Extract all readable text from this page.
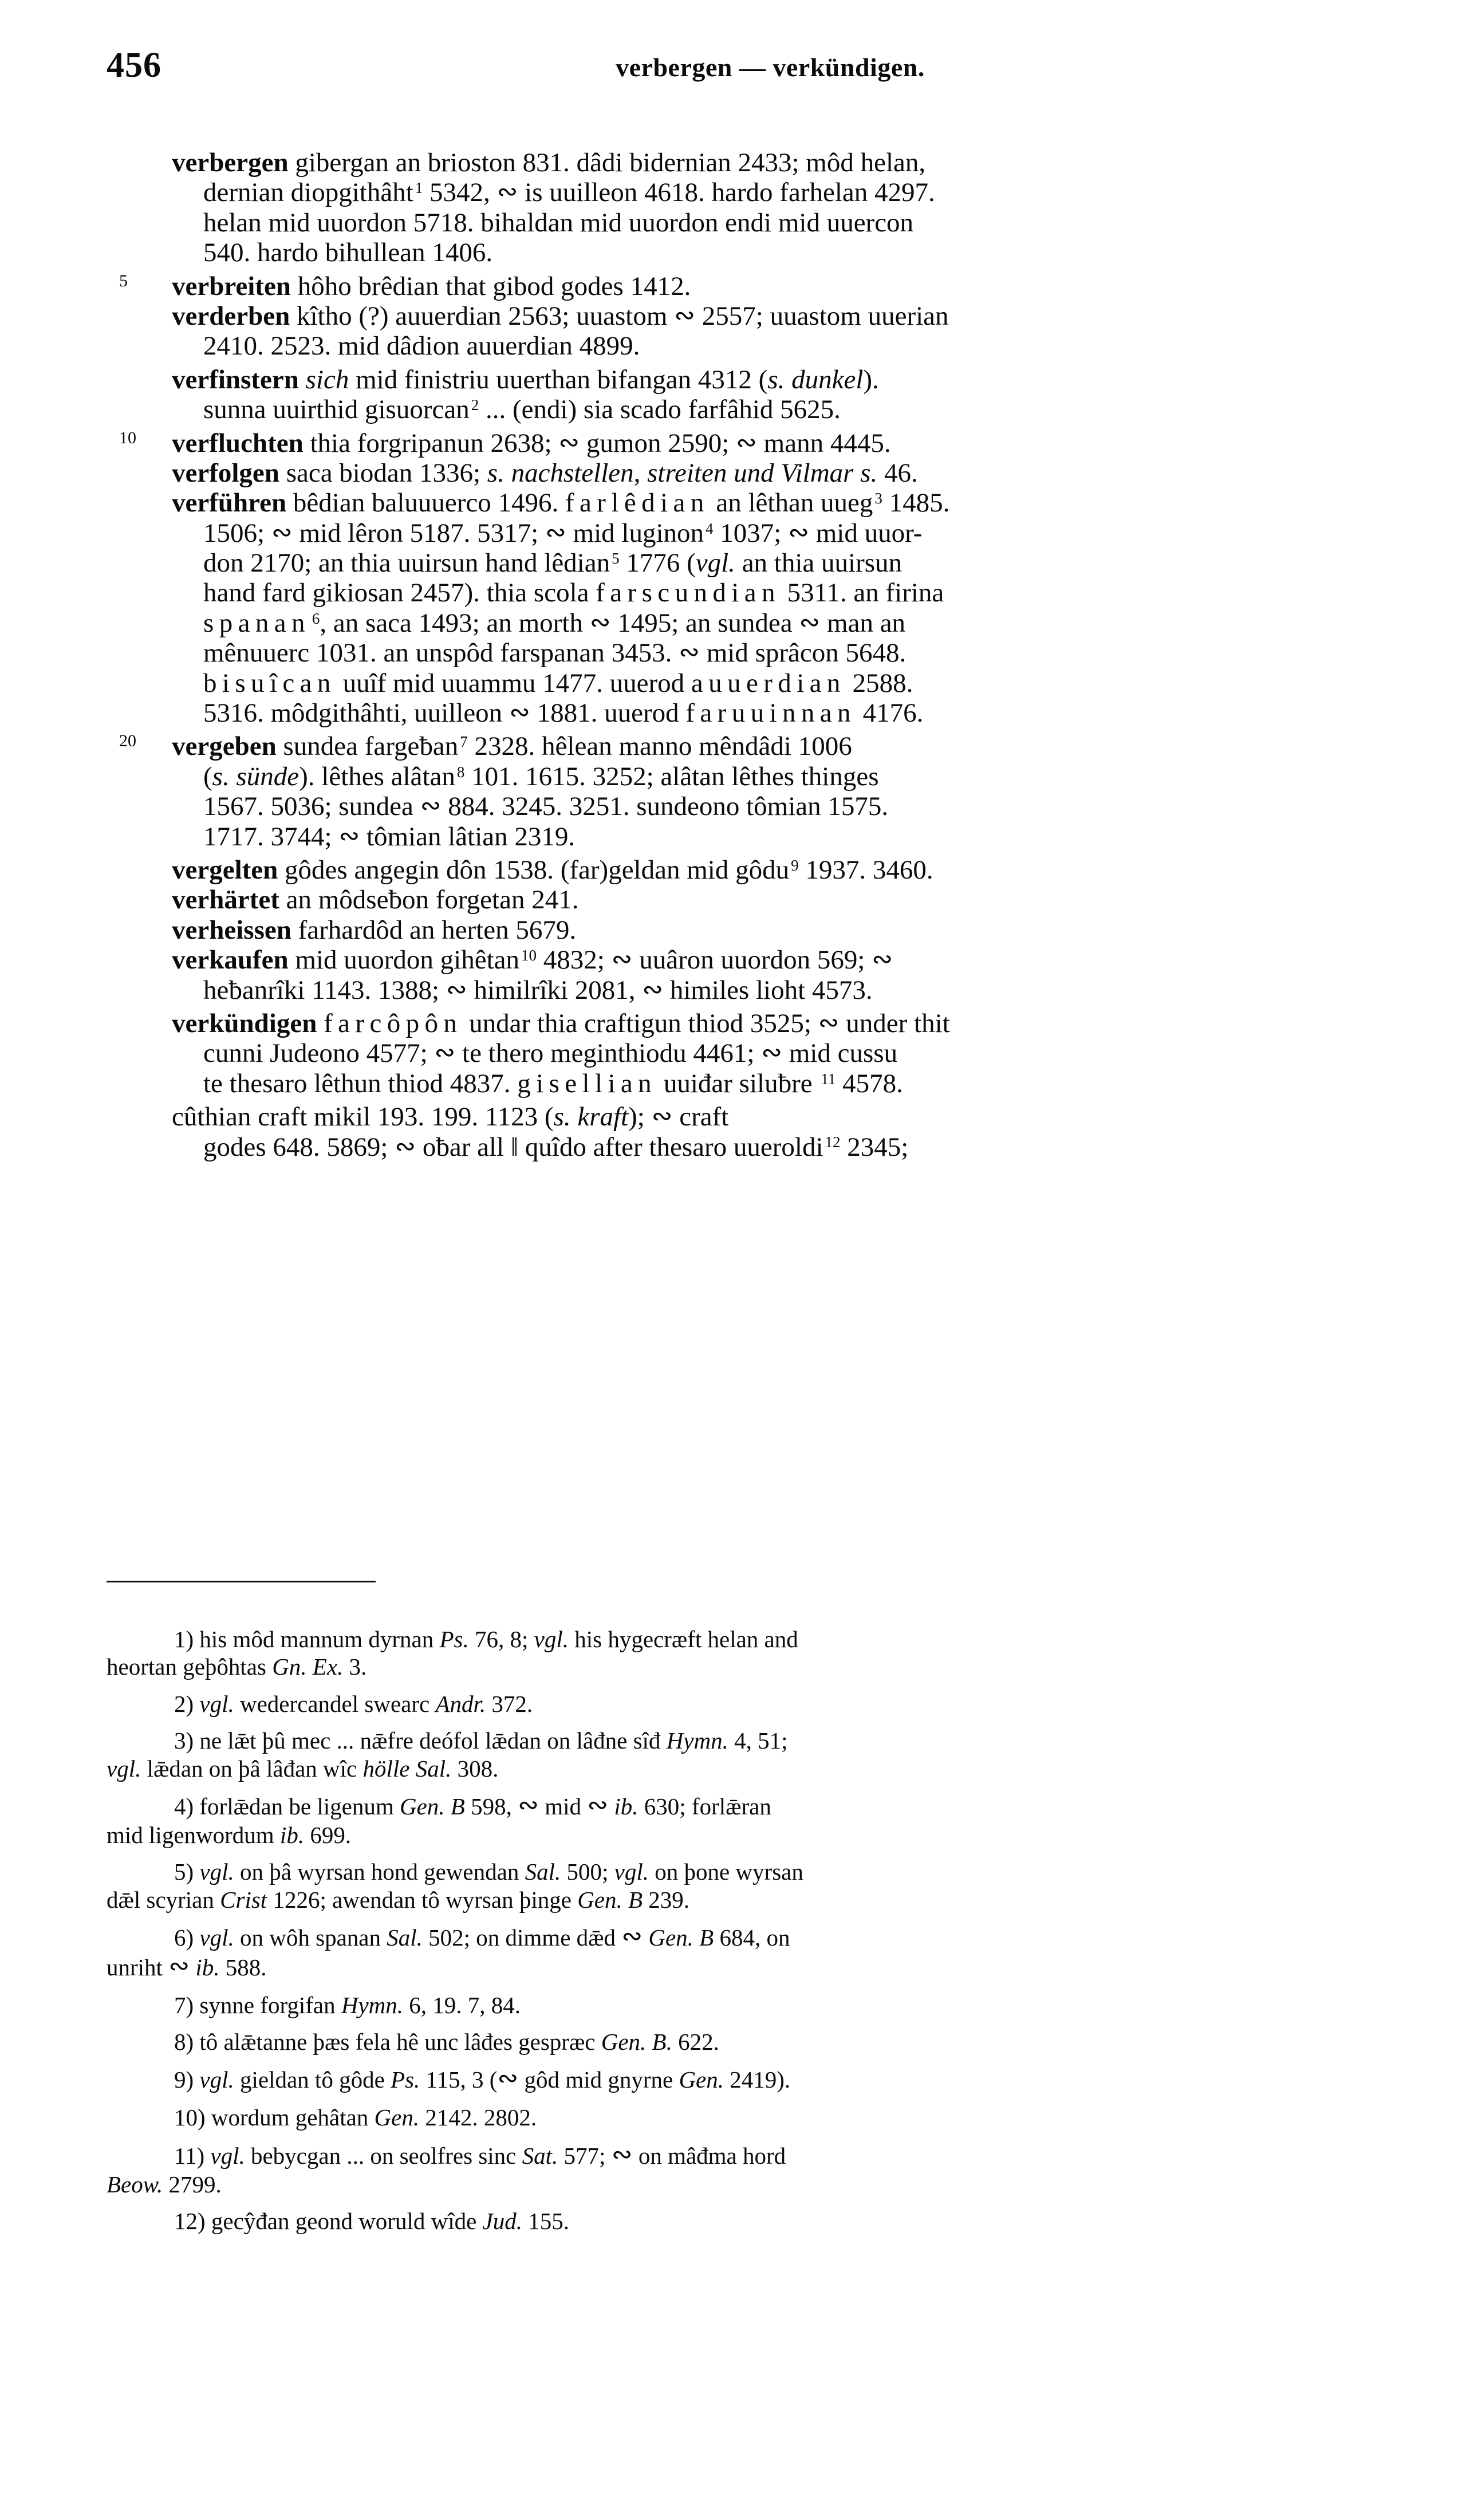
456	verbergen — verkündigen.
verbergen gibergan an brioston 831. dâdi bidernian 2433; môd helan,
dernian diopgithâht $^1$ 5342, ∾ is uuilleon 4618. hardo farhelan 4297.
helan mid uuordon 5718. bihaldan mid uuordon endi mid uuercon
540. hardo bihullean 1406.
5 verbreiten hôho brêdian that gibod godes 1412.
verderben kîtho (?) auuerdian 2563; uuastom ∾ 2557; uuastom uuerian
2410. 2523. mid dâdion auuerdian 4899.
verfinstern sich mid finistriu uuerthan bifangan 4312 (s. dunkel).
sunna uuirthid gisuorcan $^2$ ... (endi) sia scado farfâhid 5625.
10 verfluchten thia forgripanun 2638; ∾ gumon 2590; ∾ mann 4445.
verfolgen saca biodan 1336; s. nachstellen, streiten und Vilmar s. 46.
verführen bêdian baluuuerco 1496. farlêdian an lêthan uueg $^3$ 1485.
1506; ∾ mid lêron 5187. 5317; ∾ mid luginon $^4$ 1037; ∾ mid uuor-
don 2170; an thia uuirsun hand lêdian $^5$ 1776 (vgl. an thia uuirsun
hand fard gikiosan 2457). thia scola farscundian 5311. an firina
spanan $^6$, an saca 1493; an morth ∾ 1495; an sundea ∾ man an
mênuuerc 1031. an unspôd farspanan 3453. ∾ mid sprâcon 5648.
bisuîcan uuîf mid uuammu 1477. uuerod auuerdian 2588.
5316. môdgithâhti, uuilleon ∾ 1881. uuerod faruuinnan 4176.
20 vergeben sundea fargeƀan $^7$ 2328. hêlean manno mêndâdi 1006
(s. sünde). lêthes alâtan $^8$ 101. 1615. 3252; alâtan lêthes thinges
1567. 5036; sundea ∾ 884. 3245. 3251. sundeono tômian 1575.
1717. 3744; ∾ tômian lâtian 2319.
vergelten gôdes angegin dôn 1538. (far)geldan mid gôdu $^9$ 1937. 3460.
verhärtet an môdseƀon forgetan 241.
verheissen farhardôd an herten 5679.
verkaufen mid uuordon gihêtan $^{10}$ 4832; ∾ uuâron uuordon 569; ∾
heƀanrîki 1143. 1388; ∾ himilrîki 2081, ∾ himiles lioht 4573.
verkündigen farcôpôn undar thia craftigun thiod 3525; ∾ under thit
cunni Judeono 4577; ∾ te thero meginthiodu 4461; ∾ mid cussu
te thesaro lêthun thiod 4837. gisellian uuiđar siluƀre $^{11}$ 4578.
cûthian craft mikil 193. 199. 1123 (s. kraft); ∾ craft
godes 648. 5869; ∾ oƀar all ‖ quîdo after thesaro uueroldi $^{12}$ 2345;
1) his môd mannum dyrnan Ps. 76, 8; vgl. his hygecræft helan and
heortan geþôhtas Gn. Ex. 3.
2) vgl. wedercandel swearc Andr. 372.
3) ne lǣt þû mec ... nǣfre deófol lǣdan on lâđne sîđ Hymn. 4, 51;
vgl. lǣdan on þâ lâđan wîc hölle Sal. 308.
4) forlǣdan be ligenum Gen. B 598, ∾ mid ∾ ib. 630; forlǣran
mid ligenwordum ib. 699.
5) vgl. on þâ wyrsan hond gewendan Sal. 500; vgl. on þone wyrsan
dǣl scyrian Crist 1226; awendan tô wyrsan þinge Gen. B 239.
6) vgl. on wôh spanan Sal. 502; on dimme dǣd ∾ Gen. B 684, on
unriht ∾ ib. 588.
7) synne forgifan Hymn. 6, 19. 7, 84.
8) tô alǣtanne þæs fela hê unc lâđes gespræc Gen. B. 622.
9) vgl. gieldan tô gôde Ps. 115, 3 (∾ gôd mid gnyrne Gen. 2419).
10) wordum gehâtan Gen. 2142. 2802.
11) vgl. bebycgan ... on seolfres sinc Sat. 577; ∾ on mâđma hord
Beow. 2799.
12) gecŷđan geond woruld wîde Jud. 155.
